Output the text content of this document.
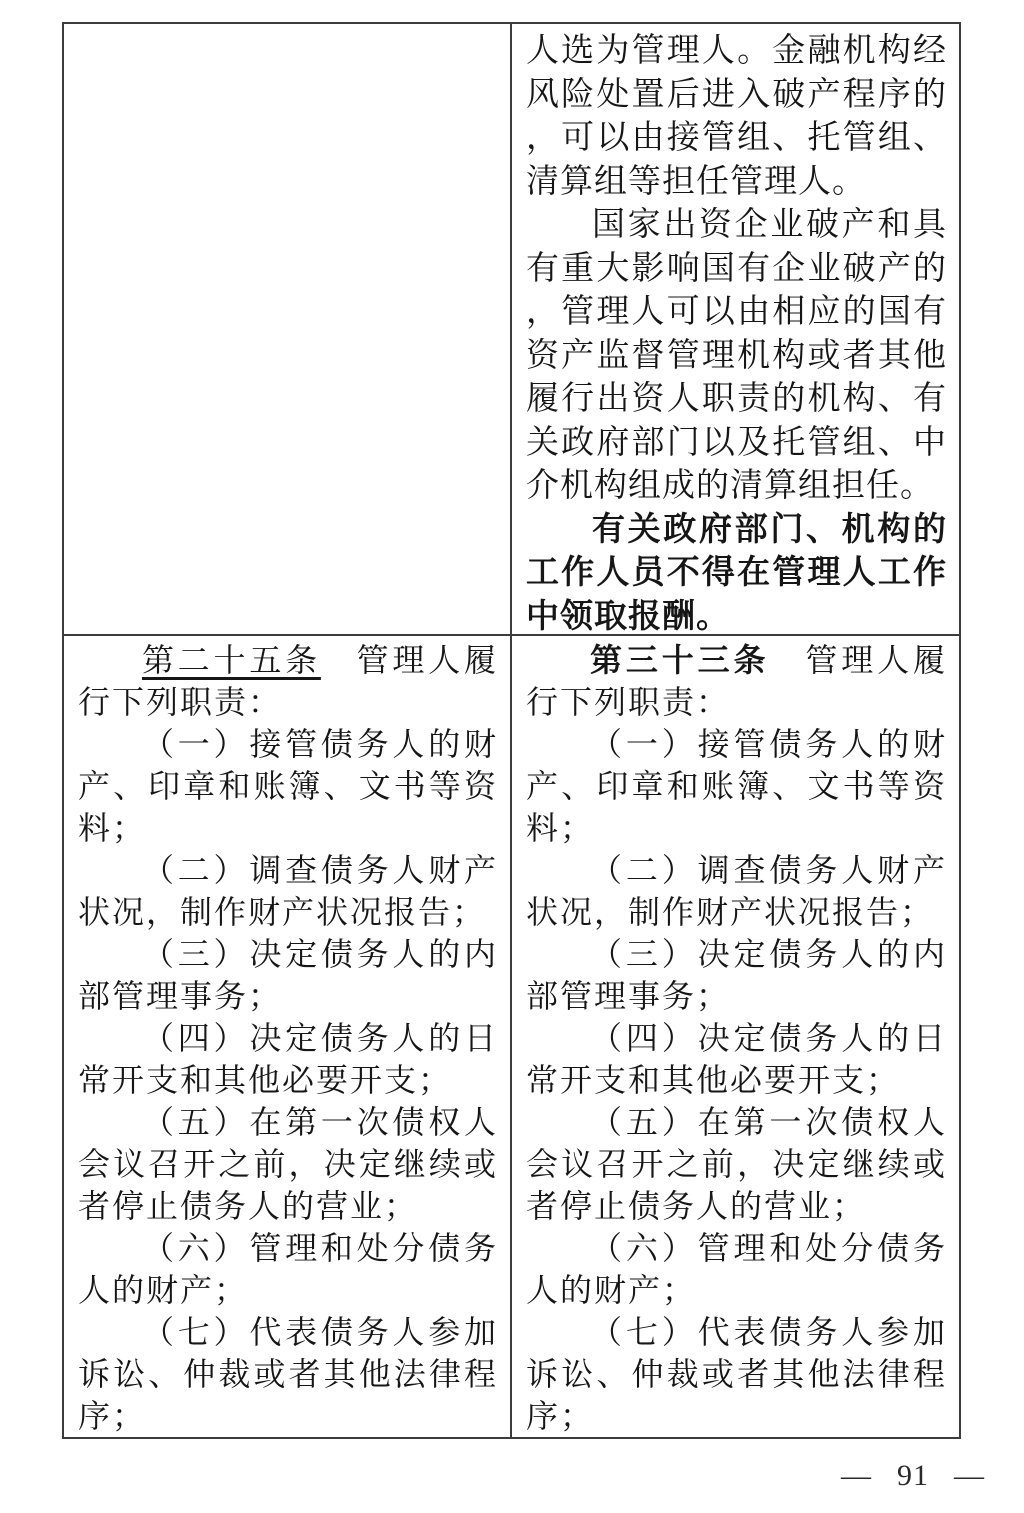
人选为管理人。金融机构经风险处置后进入破产程序的，可以由接管组、托管组、清算组等担任管理人。

国家出资企业破产和具有重大影响国有企业破产的，管理人可以由相应的国有资产监督管理机构或者其他履行出资人职责的机构、有关政府部门以及托管组、中介机构组成的清算组担任。

有关政府部门、机构的工作人员不得在管理人工作中领取报酬。

第二十五条　管理人履行下列职责：

（一）接管债务人的财产、印章和账簿、文书等资料；

（二）调查债务人财产状况，制作财产状况报告；

（三）决定债务人的内部管理事务；

（四）决定债务人的日常开支和其他必要开支；

（五）在第一次债权人会议召开之前，决定继续或者停止债务人的营业；

（六）管理和处分债务人的财产；

（七）代表债务人参加诉讼、仲裁或者其他法律程序；

第三十三条　管理人履行下列职责：

（一）接管债务人的财产、印章和账簿、文书等资料；

（二）调查债务人财产状况，制作财产状况报告；

（三）决定债务人的内部管理事务；

（四）决定债务人的日常开支和其他必要开支；

（五）在第一次债权人会议召开之前，决定继续或者停止债务人的营业；

（六）管理和处分债务人的财产；

（七）代表债务人参加诉讼、仲裁或者其他法律程序；

— 91 —
